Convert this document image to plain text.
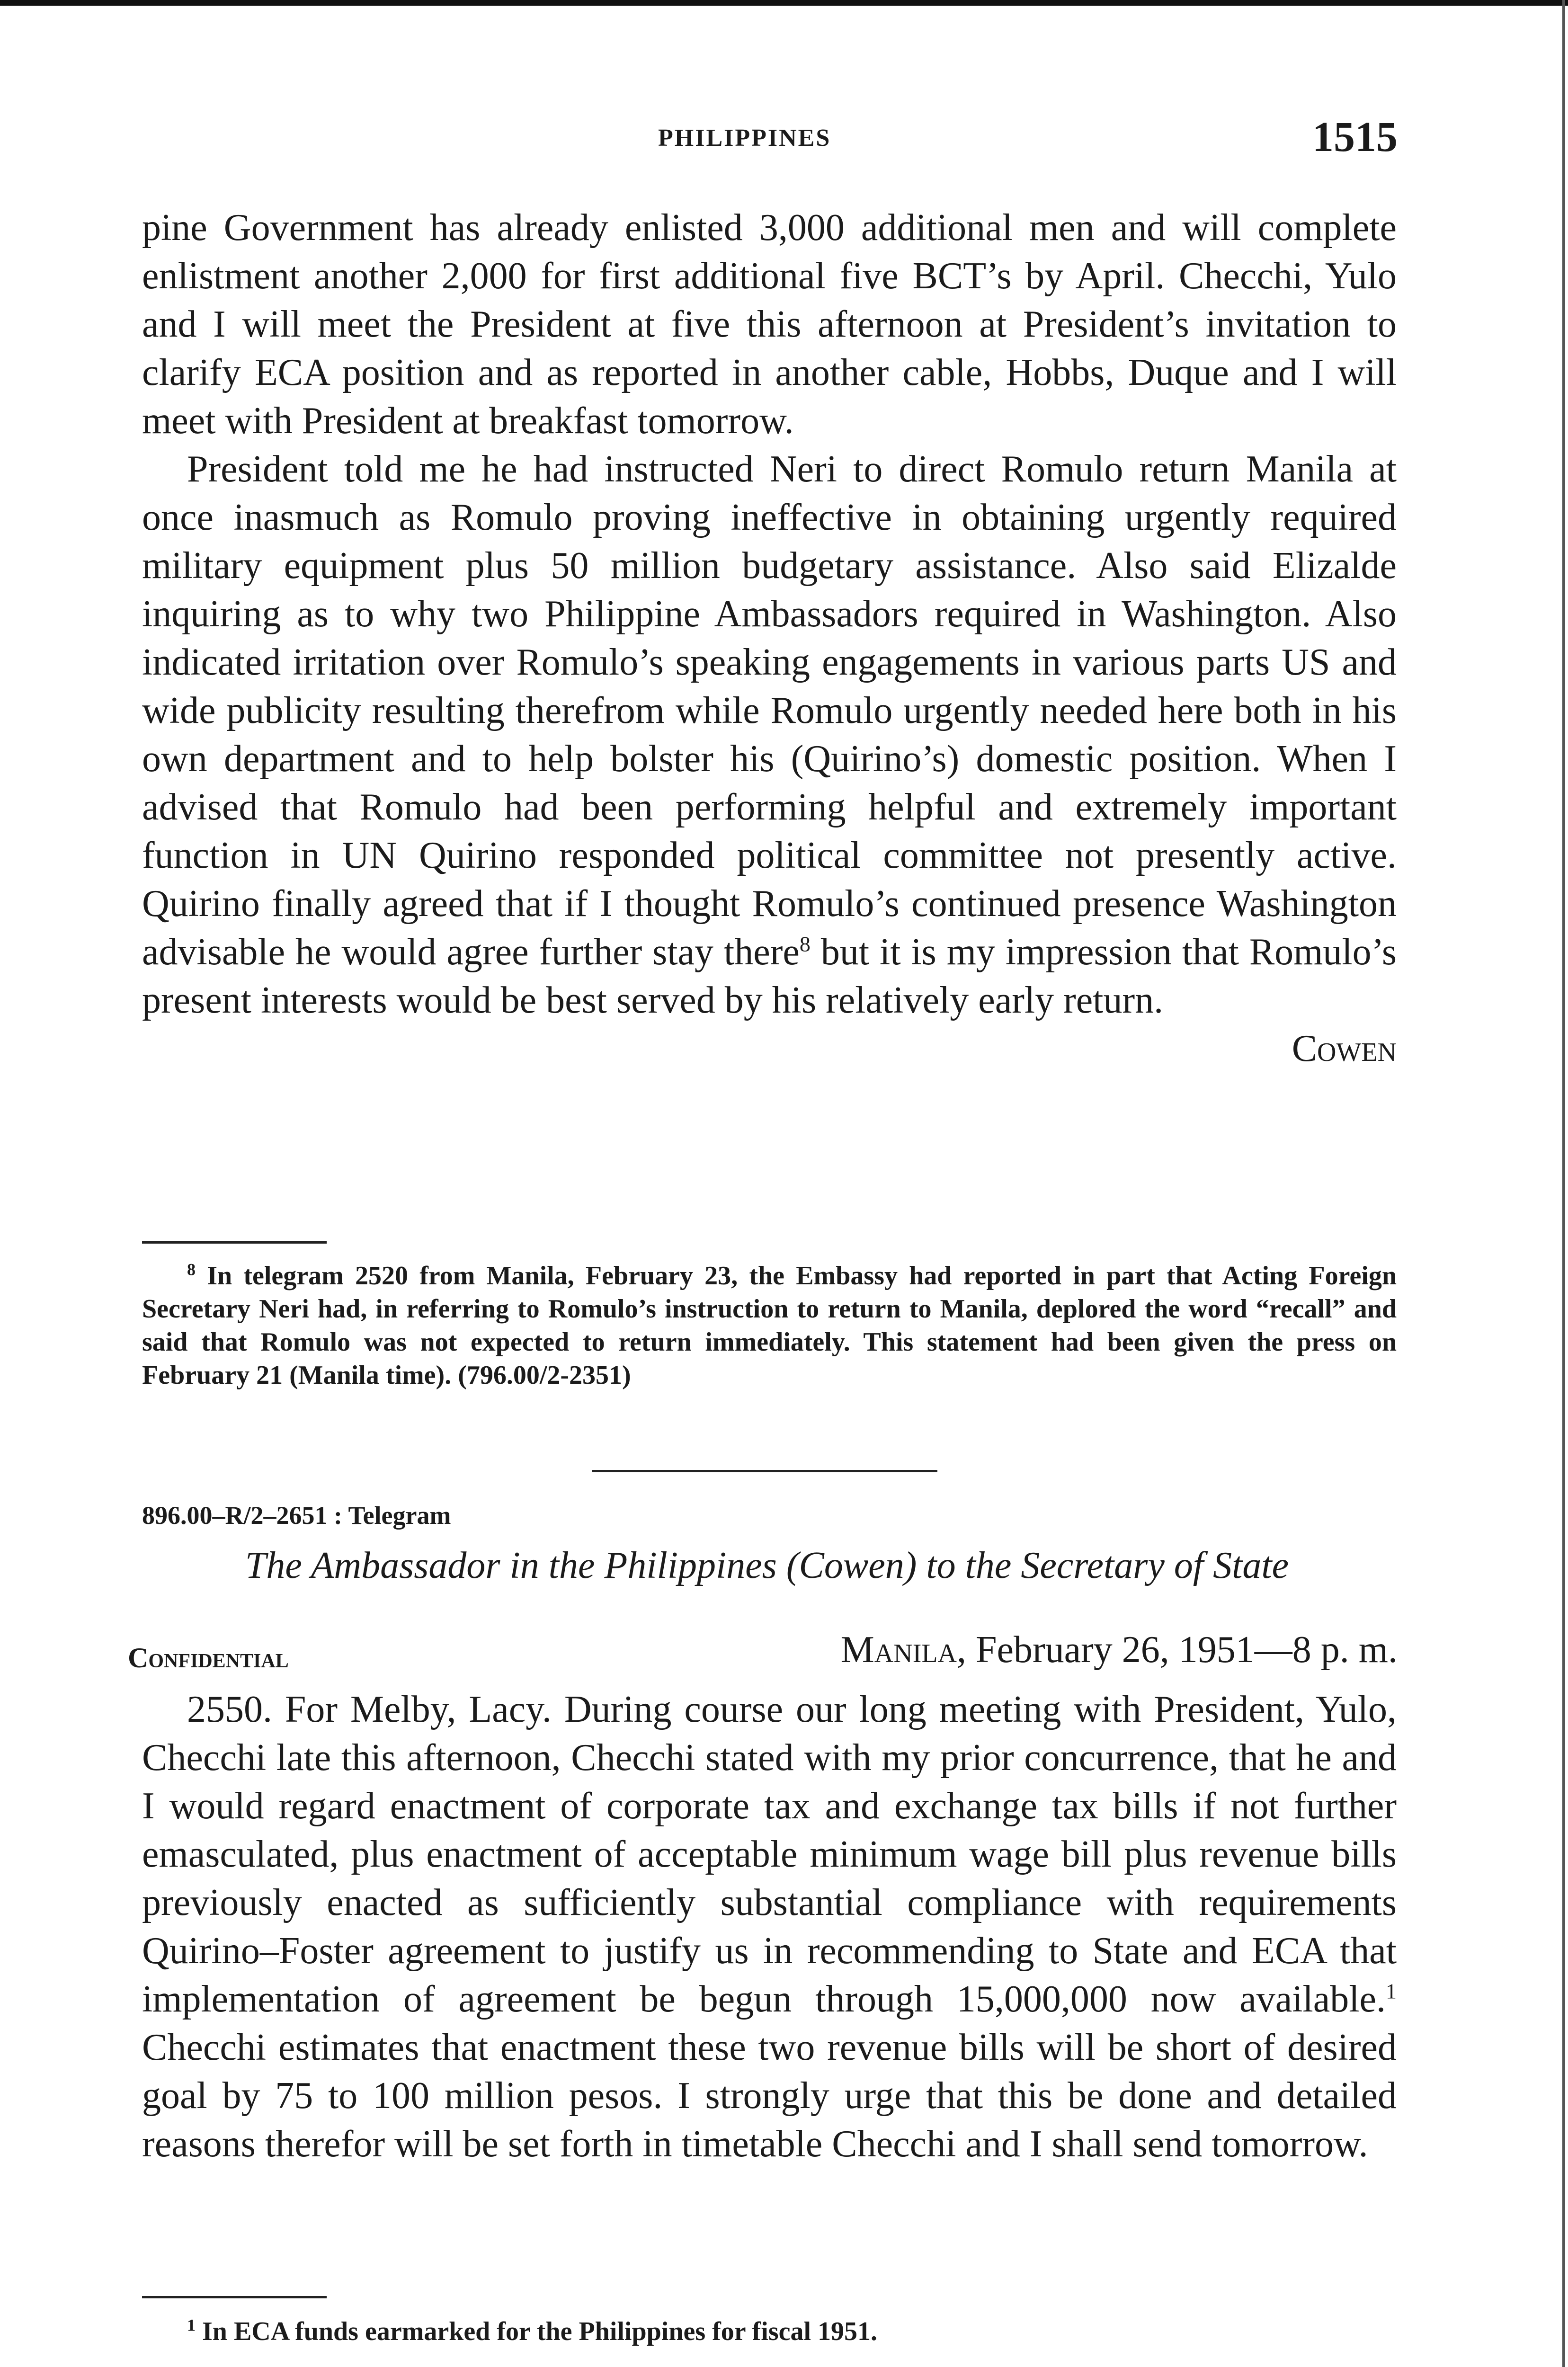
PHILIPPINES	1515

pine Government has already enlisted 3,000 additional men and will complete enlistment another 2,000 for first additional five BCT’s by April. Checchi, Yulo and I will meet the President at five this afternoon at President’s invitation to clarify ECA position and as reported in another cable, Hobbs, Duque and I will meet with President at breakfast tomorrow.

President told me he had instructed Neri to direct Romulo return Manila at once inasmuch as Romulo proving ineffective in obtaining urgently required military equipment plus 50 million budgetary assistance. Also said Elizalde inquiring as to why two Philippine Ambassadors required in Washington. Also indicated irritation over Romulo’s speaking engagements in various parts US and wide publicity resulting therefrom while Romulo urgently needed here both in his own department and to help bolster his (Quirino’s) domestic position. When I advised that Romulo had been performing helpful and extremely important function in UN Quirino responded political committee not presently active. Quirino finally agreed that if I thought Romulo’s continued presence Washington advisable he would agree further stay there$^8$ but it is my impression that Romulo’s present interests would be best served by his relatively early return.

Cowen

$^8$ In telegram 2520 from Manila, February 23, the Embassy had reported in part that Acting Foreign Secretary Neri had, in referring to Romulo’s instruction to return to Manila, deplored the word “recall” and said that Romulo was not expected to return immediately. This statement had been given the press on February 21 (Manila time). (796.00/2-2351)

896.00–R/2–2651 : Telegram
The Ambassador in the Philippines (Cowen) to the Secretary of State
Confidential	Manila, February 26, 1951—8 p. m.

2550. For Melby, Lacy. During course our long meeting with President, Yulo, Checchi late this afternoon, Checchi stated with my prior concurrence, that he and I would regard enactment of corporate tax and exchange tax bills if not further emasculated, plus enactment of acceptable minimum wage bill plus revenue bills previously enacted as sufficiently substantial compliance with requirements Quirino–Foster agreement to justify us in recommending to State and ECA that implementation of agreement be begun through 15,000,000 now available.$^1$ Checchi estimates that enactment these two revenue bills will be short of desired goal by 75 to 100 million pesos. I strongly urge that this be done and detailed reasons therefor will be set forth in timetable Checchi and I shall send tomorrow.

$^1$ In ECA funds earmarked for the Philippines for fiscal 1951.
